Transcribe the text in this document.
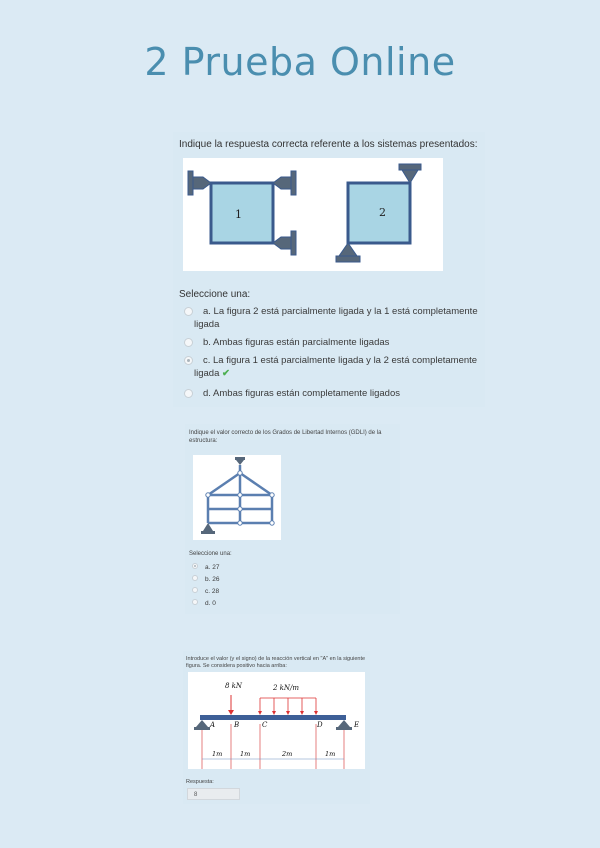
2 Prueba Online
Indique la respuesta correcta referente a los sistemas presentados:
1	2
Seleccione una:
a. La figura 2 está parcialmente ligada y la 1 está completamente
ligada
b. Ambas figuras están parcialmente ligadas
c. La figura 1 está parcialmente ligada y la 2 está completamente
ligada ✔
d. Ambas figuras están completamente ligados
Indique el valor correcto de los Grados de Libertad Internos (GDLI) de la estructura:
Seleccione una:
a. 27
b. 26
c. 28
d. 0
Introduce el valor (y el signo) de la reacción vertical en "A" en la siguiente figura. Se considera positivo hacia arriba:
8 kN	2 kN/m
A	B	C	D	E
1m	1m	2m	1m
Respuesta:
8
